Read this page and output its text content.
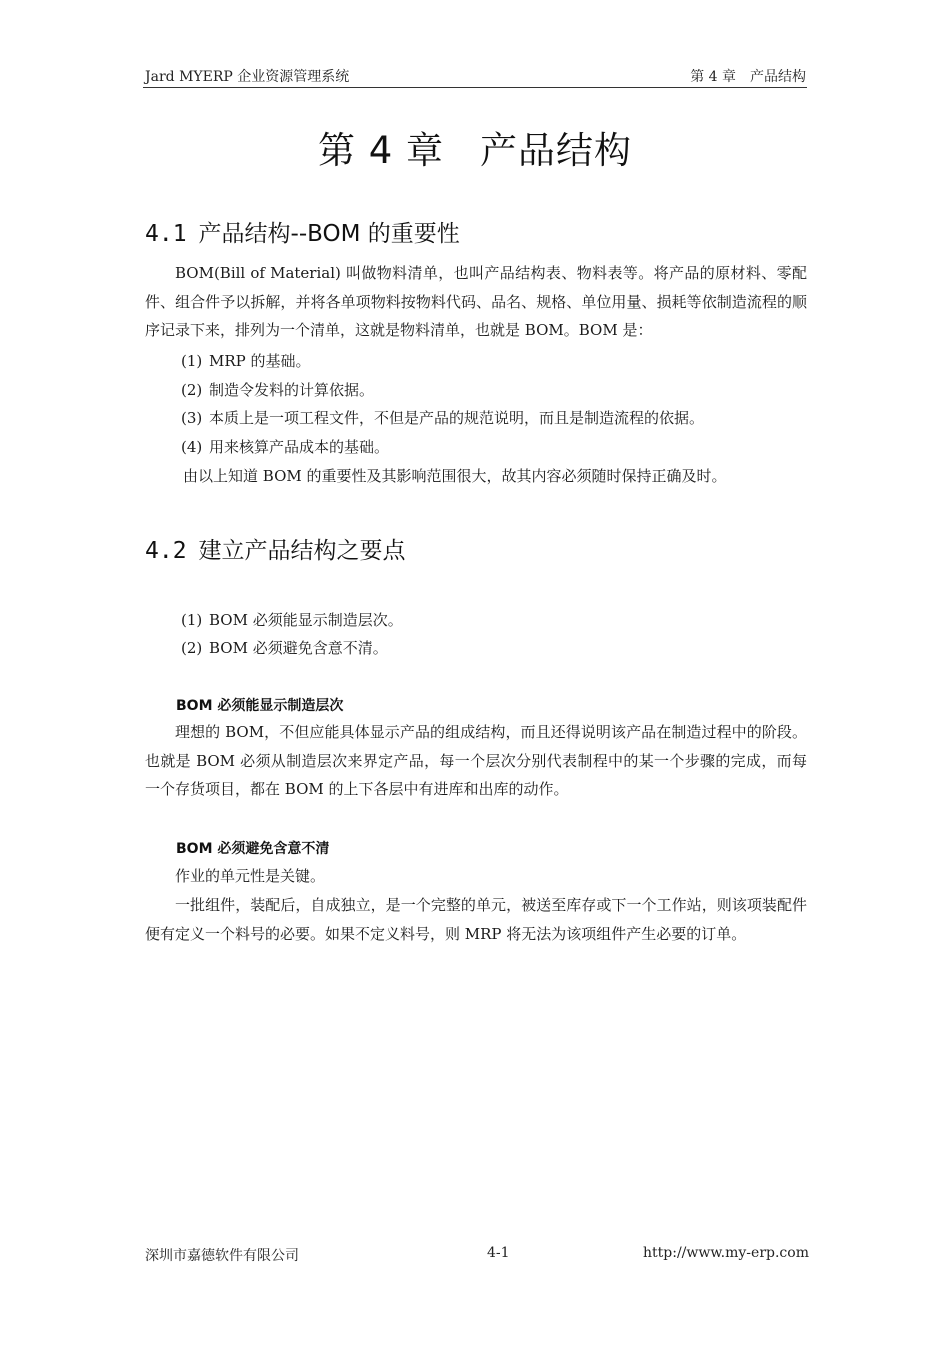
Jard MYERP 企业资源管理系统	第 4 章　产品结构
第 4 章 产品结构
4.1 产品结构--BOM 的重要性
BOM(Bill of Material) 叫做物料清单，也叫产品结构表、物料表等。将产品的原材料、零配件、组合件予以拆解，并将各单项物料按物料代码、品名、规格、单位用量、损耗等依制造流程的顺序记录下来，排列为一个清单，这就是物料清单，也就是 BOM。BOM 是：
(1) MRP 的基础。
(2) 制造令发料的计算依据。
(3) 本质上是一项工程文件，不但是产品的规范说明，而且是制造流程的依据。
(4) 用来核算产品成本的基础。
由以上知道 BOM 的重要性及其影响范围很大，故其内容必须随时保持正确及时。
4.2 建立产品结构之要点
(1) BOM 必须能显示制造层次。
(2) BOM 必须避免含意不清。
BOM 必须能显示制造层次
理想的 BOM，不但应能具体显示产品的组成结构，而且还得说明该产品在制造过程中的阶段。也就是 BOM 必须从制造层次来界定产品，每一个层次分别代表制程中的某一个步骤的完成，而每一个存货项目，都在 BOM 的上下各层中有进库和出库的动作。
BOM 必须避免含意不清
作业的单元性是关键。
一批组件，装配后，自成独立，是一个完整的单元，被送至库存或下一个工作站，则该项装配件便有定义一个料号的必要。如果不定义料号，则 MRP 将无法为该项组件产生必要的订单。
深圳市嘉德软件有限公司	4-1	http://www.my-erp.com
